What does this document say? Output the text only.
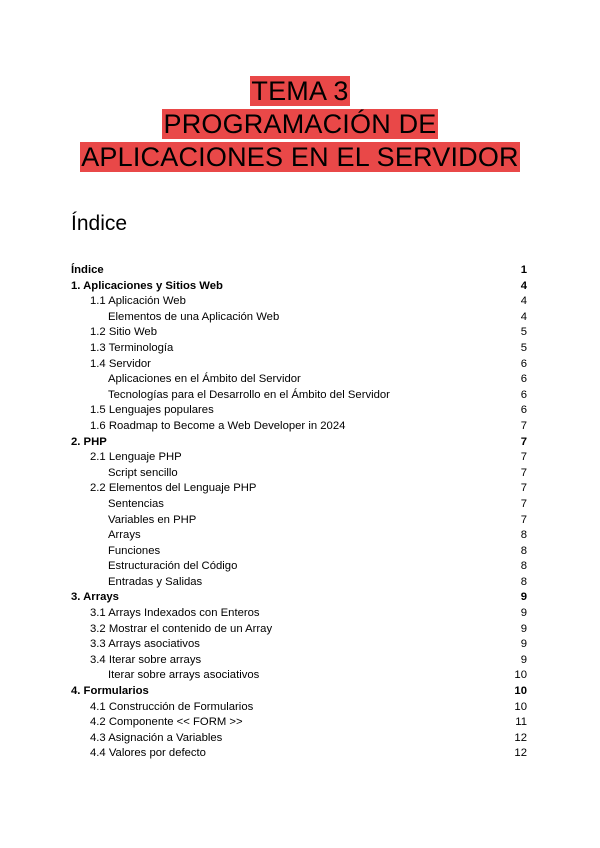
TEMA 3
PROGRAMACIÓN DE
APLICACIONES EN EL SERVIDOR
Índice
Índice	1
1. Aplicaciones y Sitios Web	4
1.1 Aplicación Web	4
Elementos de una Aplicación Web	4
1.2 Sitio Web	5
1.3 Terminología	5
1.4 Servidor	6
Aplicaciones en el Ámbito del Servidor	6
Tecnologías para el Desarrollo en el Ámbito del Servidor	6
1.5 Lenguajes populares	6
1.6 Roadmap to Become a Web Developer in 2024	7
2. PHP	7
2.1 Lenguaje PHP	7
Script sencillo	7
2.2 Elementos del Lenguaje PHP	7
Sentencias	7
Variables en PHP	7
Arrays	8
Funciones	8
Estructuración del Código	8
Entradas y Salidas	8
3. Arrays	9
3.1 Arrays Indexados con Enteros	9
3.2 Mostrar el contenido de un Array	9
3.3 Arrays asociativos	9
3.4 Iterar sobre arrays	9
Iterar sobre arrays asociativos	10
4. Formularios	10
4.1 Construcción de Formularios	10
4.2 Componente << FORM >>	11
4.3 Asignación a Variables	12
4.4 Valores por defecto	12
